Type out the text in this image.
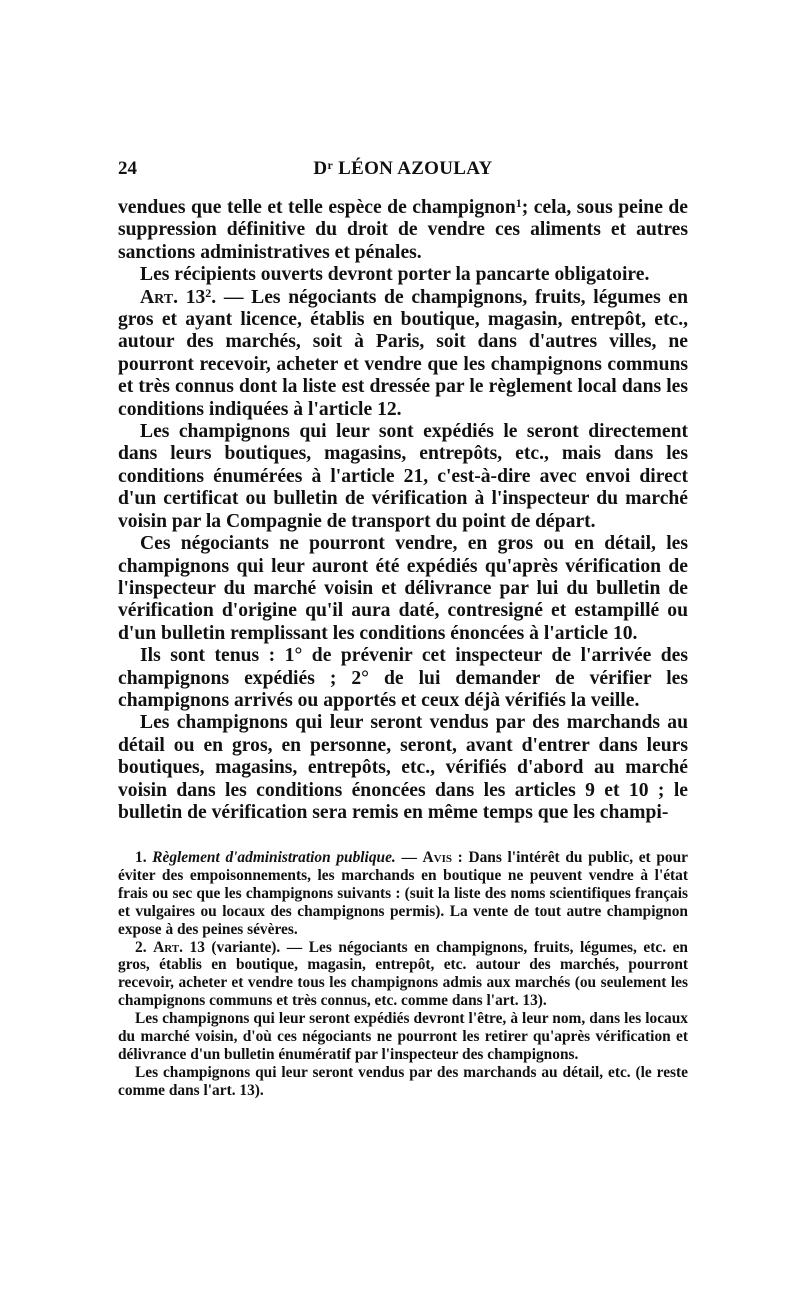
24	$D^r$ LÉON AZOULAY

vendues que telle et telle espèce de champignon$^1$; cela, sous peine de suppression définitive du droit de vendre ces aliments et autres sanctions administratives et pénales.

Les récipients ouverts devront porter la pancarte obligatoire.

Art. 13$^2$. — Les négociants de champignons, fruits, légumes en gros et ayant licence, établis en boutique, magasin, entrepôt, etc., autour des marchés, soit à Paris, soit dans d'autres villes, ne pourront recevoir, acheter et vendre que les champignons communs et très connus dont la liste est dressée par le règlement local dans les conditions indiquées à l'article 12.

Les champignons qui leur sont expédiés le seront directement dans leurs boutiques, magasins, entrepôts, etc., mais dans les conditions énumérées à l'article 21, c'est-à-dire avec envoi direct d'un certificat ou bulletin de vérification à l'inspecteur du marché voisin par la Compagnie de transport du point de départ.

Ces négociants ne pourront vendre, en gros ou en détail, les champignons qui leur auront été expédiés qu'après vérification de l'inspecteur du marché voisin et délivrance par lui du bulletin de vérification d'origine qu'il aura daté, contresigné et estampillé ou d'un bulletin remplissant les conditions énoncées à l'article 10.

Ils sont tenus : 1° de prévenir cet inspecteur de l'arrivée des champignons expédiés ; 2° de lui demander de vérifier les champignons arrivés ou apportés et ceux déjà vérifiés la veille.

Les champignons qui leur seront vendus par des marchands au détail ou en gros, en personne, seront, avant d'entrer dans leurs boutiques, magasins, entrepôts, etc., vérifiés d'abord au marché voisin dans les conditions énoncées dans les articles 9 et 10 ; le bulletin de vérification sera remis en même temps que les champi-

1. Règlement d'administration publique. — Avis : Dans l'intérêt du public, et pour éviter des empoisonnements, les marchands en boutique ne peuvent vendre à l'état frais ou sec que les champignons suivants : (suit la liste des noms scientifiques français et vulgaires ou locaux des champignons permis). La vente de tout autre champignon expose à des peines sévères.

2. Art. 13 (variante). — Les négociants en champignons, fruits, légumes, etc. en gros, établis en boutique, magasin, entrepôt, etc. autour des marchés, pourront recevoir, acheter et vendre tous les champignons admis aux marchés (ou seulement les champignons communs et très connus, etc. comme dans l'art. 13).

Les champignons qui leur seront expédiés devront l'être, à leur nom, dans les locaux du marché voisin, d'où ces négociants ne pourront les retirer qu'après vérification et délivrance d'un bulletin énumératif par l'inspecteur des champignons.

Les champignons qui leur seront vendus par des marchands au détail, etc. (le reste comme dans l'art. 13).
